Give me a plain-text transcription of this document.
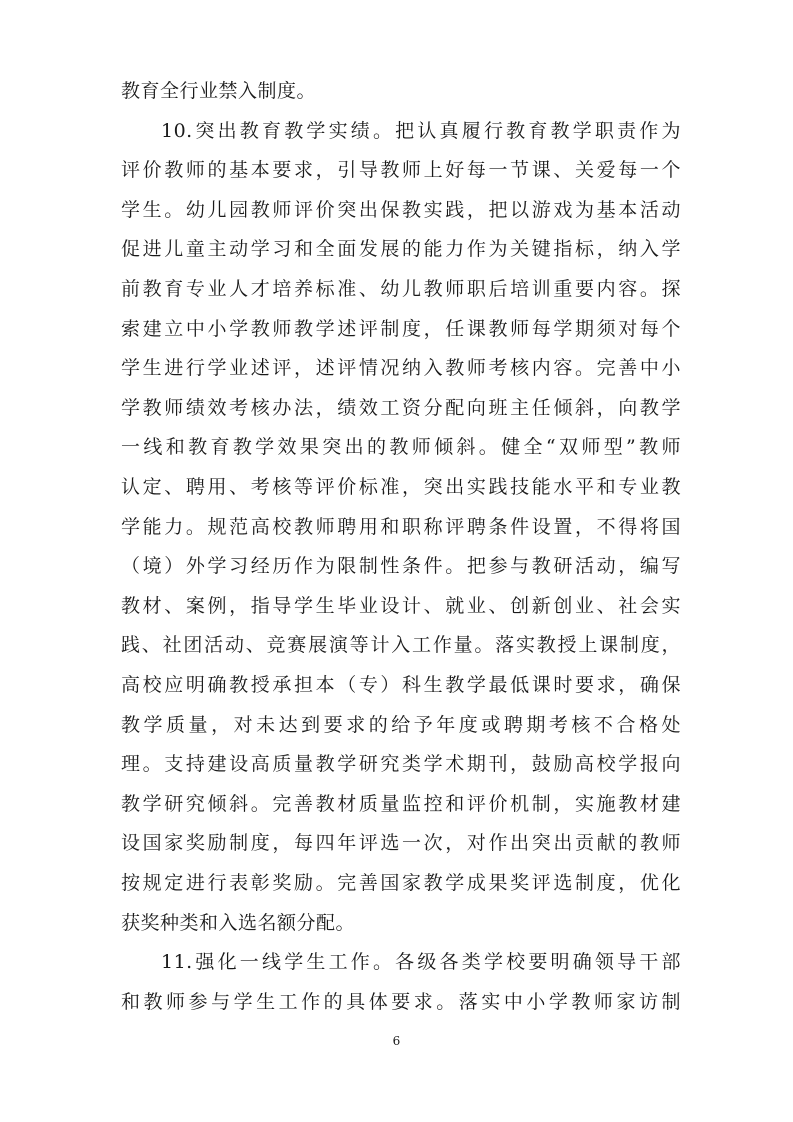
教育全行业禁入制度。

10.突出教育教学实绩。把认真履行教育教学职责作为

评价教师的基本要求，引导教师上好每一节课、关爱每一个

学生。幼儿园教师评价突出保教实践，把以游戏为基本活动

促进儿童主动学习和全面发展的能力作为关键指标，纳入学

前教育专业人才培养标准、幼儿教师职后培训重要内容。探

索建立中小学教师教学述评制度，任课教师每学期须对每个

学生进行学业述评，述评情况纳入教师考核内容。完善中小

学教师绩效考核办法，绩效工资分配向班主任倾斜，向教学

一线和教育教学效果突出的教师倾斜。健全“双师型”教师

认定、聘用、考核等评价标准，突出实践技能水平和专业教

学能力。规范高校教师聘用和职称评聘条件设置，不得将国

（境）外学习经历作为限制性条件。把参与教研活动，编写

教材、案例，指导学生毕业设计、就业、创新创业、社会实

践、社团活动、竞赛展演等计入工作量。落实教授上课制度，

高校应明确教授承担本（专）科生教学最低课时要求，确保

教学质量，对未达到要求的给予年度或聘期考核不合格处

理。支持建设高质量教学研究类学术期刊，鼓励高校学报向

教学研究倾斜。完善教材质量监控和评价机制，实施教材建

设国家奖励制度，每四年评选一次，对作出突出贡献的教师

按规定进行表彰奖励。完善国家教学成果奖评选制度，优化

获奖种类和入选名额分配。

11.强化一线学生工作。各级各类学校要明确领导干部

和教师参与学生工作的具体要求。落实中小学教师家访制

6
